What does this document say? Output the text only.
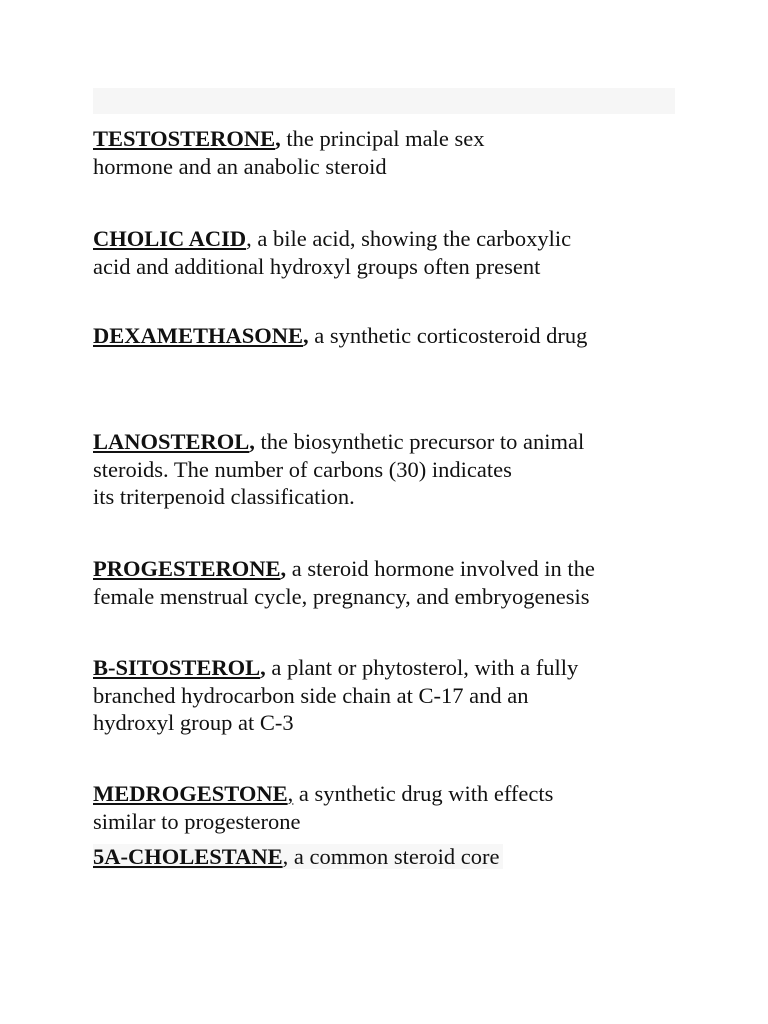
TESTOSTERONE, the principal male sex
hormone and an anabolic steroid

CHOLIC ACID, a bile acid, showing the carboxylic
acid and additional hydroxyl groups often present

DEXAMETHASONE, a synthetic corticosteroid drug

LANOSTEROL, the biosynthetic precursor to animal
steroids. The number of carbons (30) indicates
its triterpenoid classification.

PROGESTERONE, a steroid hormone involved in the
female menstrual cycle, pregnancy, and embryogenesis

B-SITOSTEROL, a plant or phytosterol, with a fully
branched hydrocarbon side chain at C-17 and an
hydroxyl group at C-3

MEDROGESTONE, a synthetic drug with effects
similar to progesterone

5A-CHOLESTANE, a common steroid core
